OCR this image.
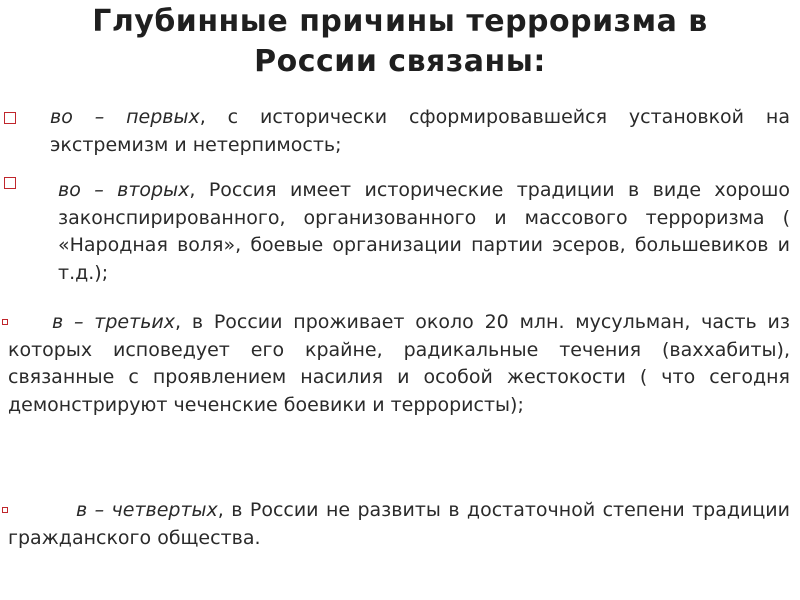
Глубинные причины терроризма в
России связаны:
во – первых, с исторически сформировавшейся установкой на экстремизм и нетерпимость;
во – вторых, Россия имеет исторические традиции в виде хорошо законспирированного, организованного и массового терроризма ( «Народная воля», боевые организации партии эсеров, большевиков и т.д.);
в – третьих, в России проживает около 20 млн. мусульман, часть из которых исповедует его крайне, радикальные течения (ваххабиты), связанные с проявлением насилия и особой жестокости ( что сегодня демонстрируют чеченские боевики и террористы);
в – четвертых, в России не развиты в достаточной степени традиции гражданского общества.
